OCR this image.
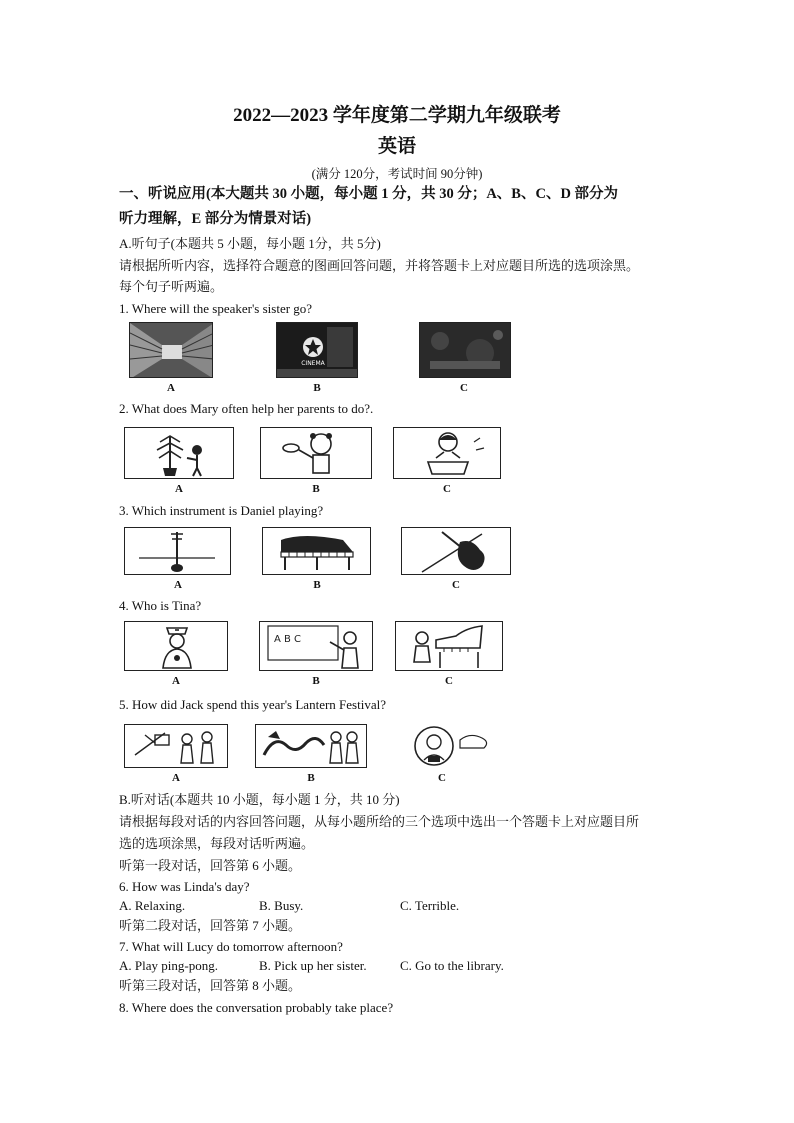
2022—2023 学年度第二学期九年级联考
英语
(满分 120分，考试时间 90分钟)
一、听说应用(本大题共 30 小题，每小题 1 分，共 30 分；A、B、C、D 部分为
听力理解，E 部分为情景对话)
A.听句子(本题共 5 小题，每小题 1分，共 5分)
请根据所听内容，选择符合题意的图画回答问题，并将答题卡上对应题目所选的选项涂黑。
每个句子听两遍。
1. Where will the speaker's sister go?
A
CINEMA
B	C
2. What does Mary often help her parents to do?.
A	B	C
3. Which instrument is Daniel playing?
A	B	C
4. Who is Tina?
A
A B C
B	C
5. How did Jack spend this year's Lantern Festival?
A	B	C
B.听对话(本题共 10 小题，每小题 1 分，共 10 分)
请根据每段对话的内容回答问题，从每小题所给的三个选项中选出一个答题卡上对应题目所
选的选项涂黑，每段对话听两遍。
听第一段对话，回答第 6 小题。
6. How was Linda's day?
A. Relaxing.	B. Busy.	C. Terrible.
听第二段对话，回答第 7 小题。
7. What will Lucy do tomorrow afternoon?
A. Play ping-pong.	B. Pick up her sister.	C. Go to the library.
听第三段对话，回答第 8 小题。
8. Where does the conversation probably take place?
